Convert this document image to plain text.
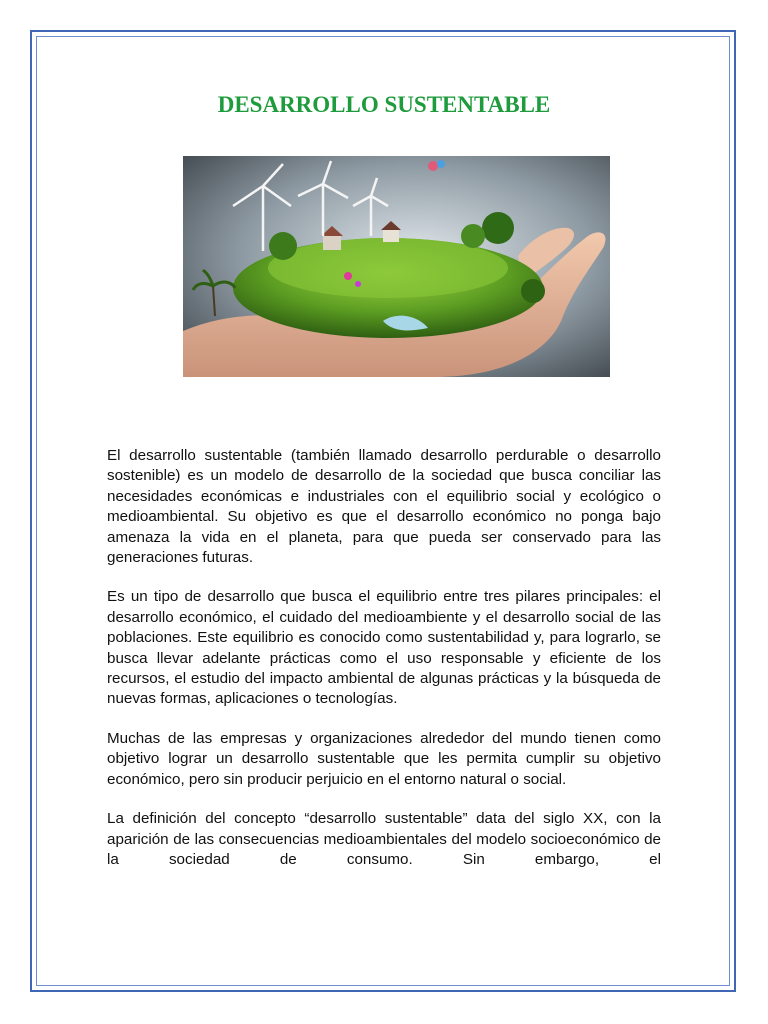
DESARROLLO SUSTENTABLE

El desarrollo sustentable (también llamado desarrollo perdurable o desarrollo sostenible) es un modelo de desarrollo de la sociedad que busca conciliar las necesidades económicas e industriales con el equilibrio social y ecológico o medioambiental. Su objetivo es que el desarrollo económico no ponga bajo amenaza la vida en el planeta, para que pueda ser conservado para las generaciones futuras.

Es un tipo de desarrollo que busca el equilibrio entre tres pilares principales: el desarrollo económico, el cuidado del medioambiente y el desarrollo social de las poblaciones. Este equilibrio es conocido como sustentabilidad y, para lograrlo, se busca llevar adelante prácticas como el uso responsable y eficiente de los recursos, el estudio del impacto ambiental de algunas prácticas y la búsqueda de nuevas formas, aplicaciones o tecnologías.

Muchas de las empresas y organizaciones alrededor del mundo tienen como objetivo lograr un desarrollo sustentable que les permita cumplir su objetivo económico, pero sin producir perjuicio en el entorno natural o social.

La definición del concepto “desarrollo sustentable” data del siglo XX, con la aparición de las consecuencias medioambientales del modelo socioeconómico de la sociedad de consumo. Sin embargo, el
